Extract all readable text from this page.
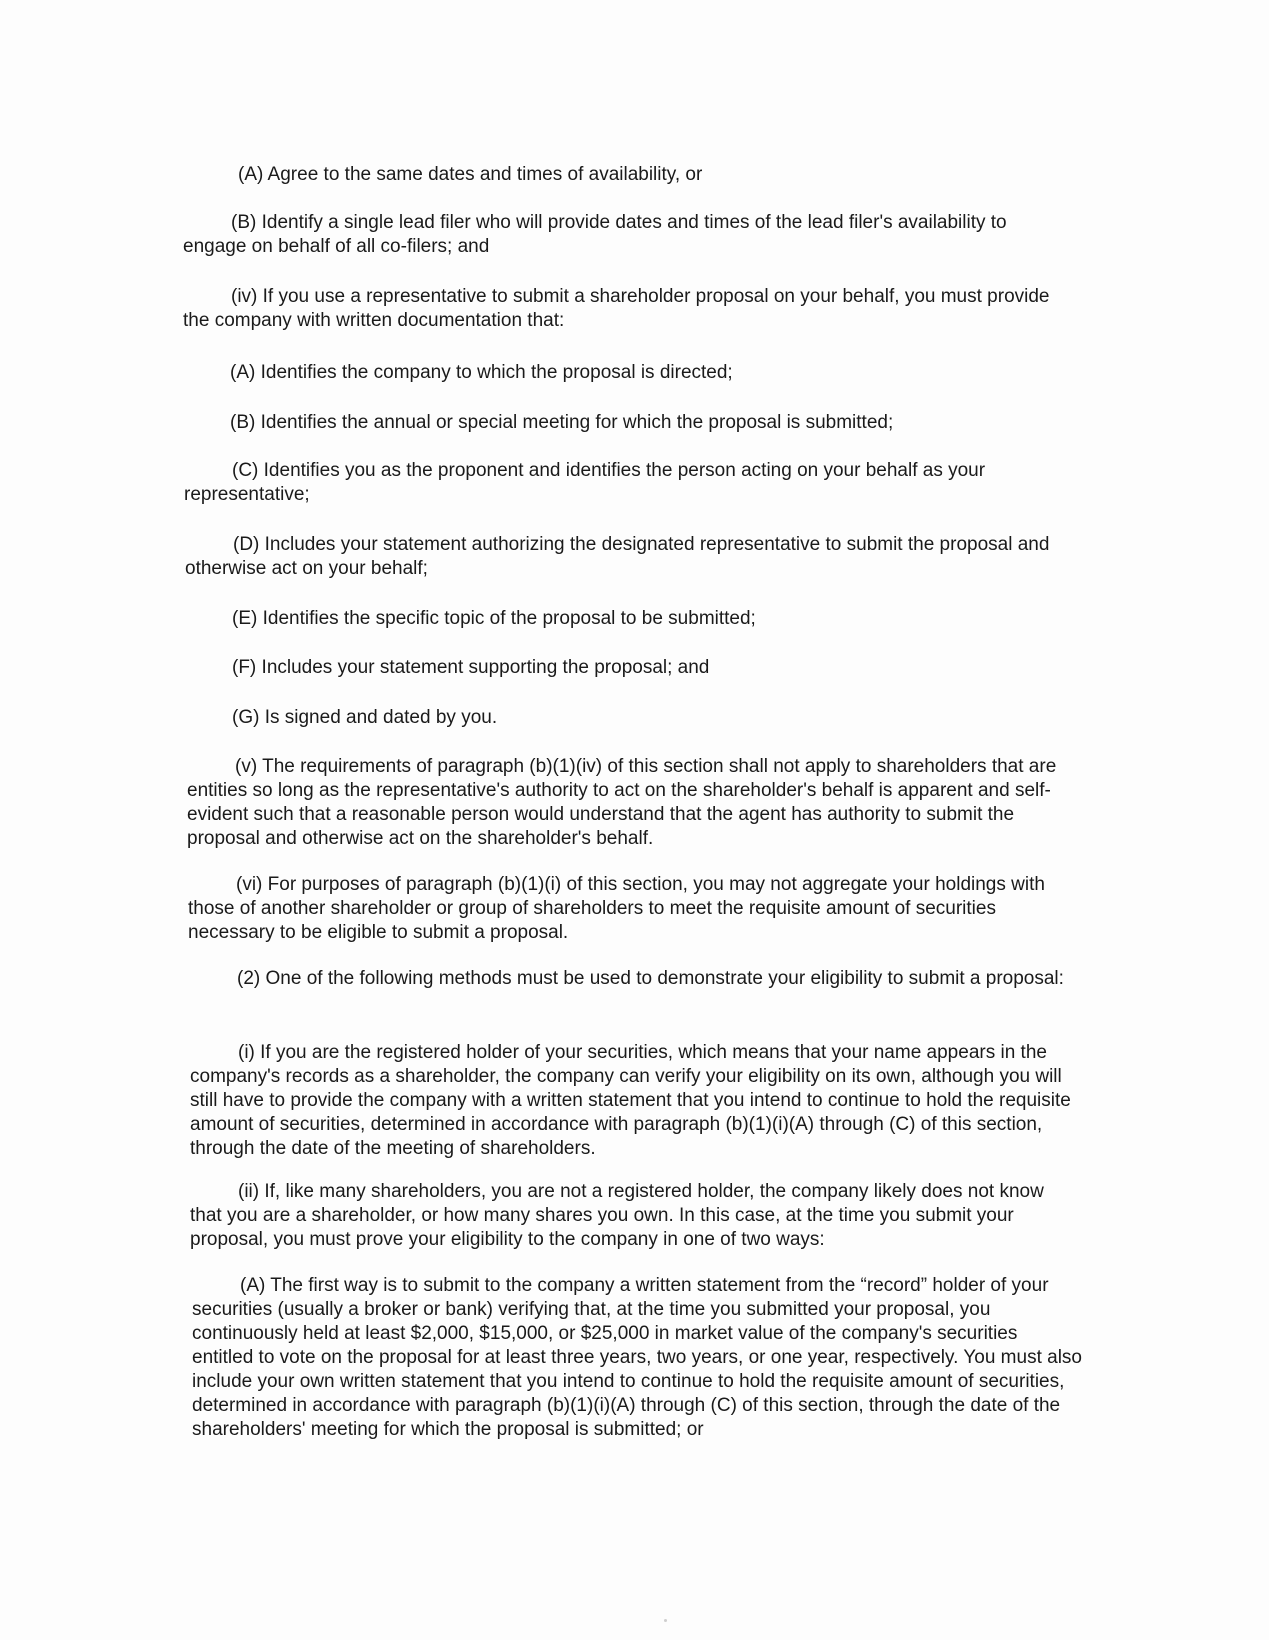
(A) Agree to the same dates and times of availability, or

(B) Identify a single lead filer who will provide dates and times of the lead filer's availability to engage on behalf of all co-filers; and

(iv) If you use a representative to submit a shareholder proposal on your behalf, you must provide the company with written documentation that:

(A) Identifies the company to which the proposal is directed;

(B) Identifies the annual or special meeting for which the proposal is submitted;

(C) Identifies you as the proponent and identifies the person acting on your behalf as your representative;

(D) Includes your statement authorizing the designated representative to submit the proposal and otherwise act on your behalf;

(E) Identifies the specific topic of the proposal to be submitted;

(F) Includes your statement supporting the proposal; and

(G) Is signed and dated by you.

(v) The requirements of paragraph (b)(1)(iv) of this section shall not apply to shareholders that are entities so long as the representative's authority to act on the shareholder's behalf is apparent and self-evident such that a reasonable person would understand that the agent has authority to submit the proposal and otherwise act on the shareholder's behalf.

(vi) For purposes of paragraph (b)(1)(i) of this section, you may not aggregate your holdings with those of another shareholder or group of shareholders to meet the requisite amount of securities necessary to be eligible to submit a proposal.

(2) One of the following methods must be used to demonstrate your eligibility to submit a proposal:

(i) If you are the registered holder of your securities, which means that your name appears in the company's records as a shareholder, the company can verify your eligibility on its own, although you will still have to provide the company with a written statement that you intend to continue to hold the requisite amount of securities, determined in accordance with paragraph (b)(1)(i)(A) through (C) of this section, through the date of the meeting of shareholders.

(ii) If, like many shareholders, you are not a registered holder, the company likely does not know that you are a shareholder, or how many shares you own. In this case, at the time you submit your proposal, you must prove your eligibility to the company in one of two ways:

(A) The first way is to submit to the company a written statement from the “record” holder of your securities (usually a broker or bank) verifying that, at the time you submitted your proposal, you continuously held at least $2,000, $15,000, or $25,000 in market value of the company's securities entitled to vote on the proposal for at least three years, two years, or one year, respectively. You must also include your own written statement that you intend to continue to hold the requisite amount of securities, determined in accordance with paragraph (b)(1)(i)(A) through (C) of this section, through the date of the shareholders' meeting for which the proposal is submitted; or
